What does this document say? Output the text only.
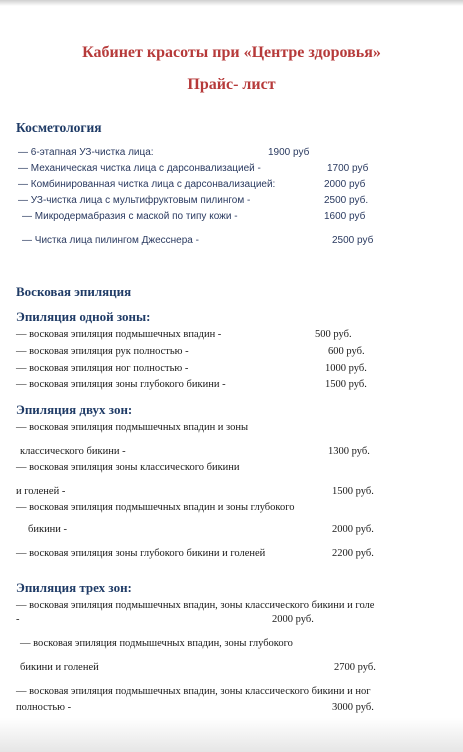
Кабинет красоты при «Центре здоровья»
Прайс- лист
Косметология
— 6-этапная УЗ-чистка лица:	1900 руб
— Механическая чистка лица с дарсонвализацией -	1700 руб
— Комбинированная чистка лица с дарсонвализацией:	2000 руб
— УЗ-чистка лица с мультифруктовым пилингом -	2500 руб.
— Микродермабразия с маской по типу кожи -	1600 руб
— Чистка лица пилингом Джесснера -	2500 руб
Восковая эпиляция
Эпиляция одной зоны:
— восковая эпиляция подмышечных впадин -	500 руб.
— восковая эпиляция рук полностью -	600 руб.
— восковая эпиляция ног полностью -	1000 руб.
— восковая эпиляция зоны глубокого бикини -	1500 руб.
Эпиляция двух зон:
— восковая эпиляция подмышечных впадин и зоны
классического бикини -	1300 руб.
— восковая эпиляция зоны классического бикини
и голеней -	1500 руб.
— восковая эпиляция подмышечных впадин и зоны глубокого
бикини -	2000 руб.
— восковая эпиляция зоны глубокого бикини и голеней	2200 руб.
Эпиляция трех зон:
— восковая эпиляция подмышечных впадин, зоны классического бикини и голе
-	2000 руб.
— восковая эпиляция подмышечных впадин, зоны глубокого
бикини и голеней	2700 руб.
— восковая эпиляция подмышечных впадин, зоны классического бикини и ног
полностью -	3000 руб.
